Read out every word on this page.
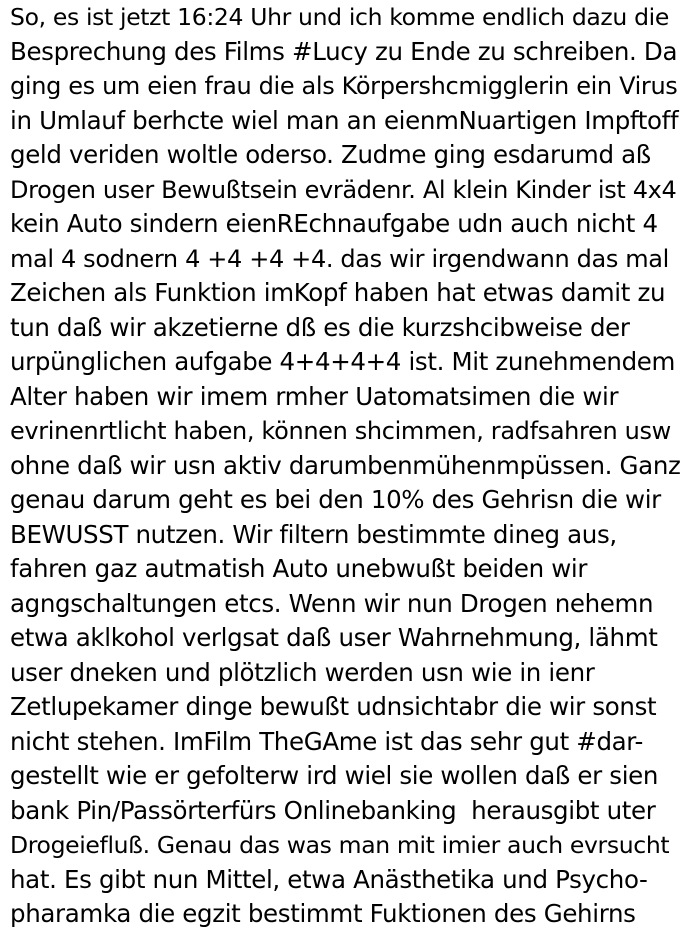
So, es ist jetzt 16:24 Uhr und ich komme endlich dazu die
Besprechung des Films #Lucy zu Ende zu schreiben. Da
ging es um eien frau die als Körpershcmigglerin ein Virus
in Umlauf berhcte wiel man an eienmNuartigen Impftoff
geld veriden woltle oderso. Zudme ging esdarumd aß
Drogen user Bewußtsein evrädenr. Al klein Kinder ist 4x4
kein Auto sindern eienREchnaufgabe udn auch nicht 4
mal 4 sodnern 4 +4 +4 +4. das wir irgendwann das mal
Zeichen als Funktion imKopf haben hat etwas damit zu
tun daß wir akzetierne dß es die kurzshcibweise der
urpünglichen aufgabe 4+4+4+4 ist. Mit zunehmendem
Alter haben wir imem rmher Uatomatsimen die wir
evrinenrtlicht haben, können shcimmen, radfsahren usw
ohne daß wir usn aktiv darumbenmühenmpüssen. Ganz
genau darum geht es bei den 10% des Gehrisn die wir
BEWUSST nutzen. Wir filtern bestimmte dineg aus,
fahren gaz autmatish Auto unebwußt beiden wir
agngschaltungen etcs. Wenn wir nun Drogen nehemn
etwa aklkohol verlgsat daß user Wahrnehmung, lähmt
user dneken und plötzlich werden usn wie in ienr
Zetlupekamer dinge bewußt udnsichtabr die wir sonst
nicht stehen. ImFilm TheGAme ist das sehr gut #dar-
gestellt wie er gefolterw ird wiel sie wollen daß er sien
bank Pin/Passörterfürs Onlinebanking  herausgibt uter
Drogeiefluß. Genau das was man mit imier auch evrsucht
hat. Es gibt nun Mittel, etwa Anästhetika und Psycho-
pharamka die egzit bestimmt Fuktionen des Gehirns
